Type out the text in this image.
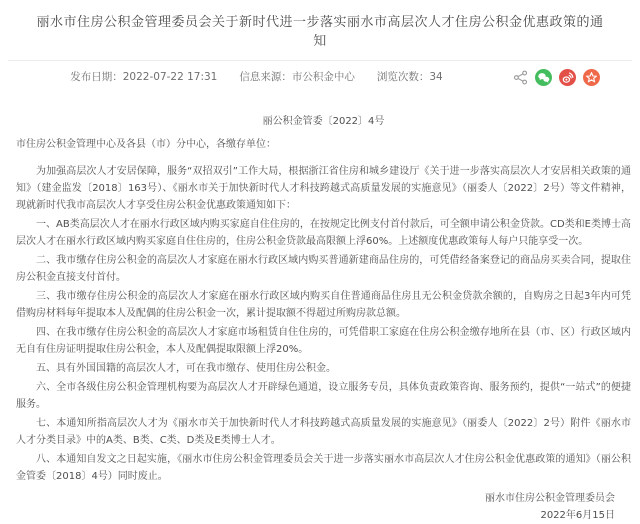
丽水市住房公积金管理委员会关于新时代进一步落实丽水市高层次人才住房公积金优惠政策的通知
发布日期：2022-07-22 17:31 信息来源：市公积金中心 浏览次数：34
丽公积金管委〔2022〕4号
市住房公积金管理中心及各县（市）分中心，各缴存单位：

为加强高层次人才安居保障，服务“双招双引”工作大局，根据浙江省住房和城乡建设厅《关于进一步落实高层次人才安居相关政策的通知》（建金监发〔2018〕163号）、《丽水市关于加快新时代人才科技跨越式高质量发展的实施意见》（丽委人〔2022〕2号）等文件精神，现就新时代我市高层次人才享受住房公积金优惠政策通知如下：

一、AB类高层次人才在丽水行政区域内购买家庭自住住房的，在按规定比例支付首付款后，可全额申请公积金贷款。CD类和E类博士高层次人才在丽水行政区域内购买家庭自住住房的，住房公积金贷款最高限额上浮60%。上述额度优惠政策每人每户只能享受一次。

二、我市缴存住房公积金的高层次人才家庭在丽水行政区域内购买普通新建商品住房的，可凭借经备案登记的商品房买卖合同，提取住房公积金直接支付首付。

三、我市缴存住房公积金的高层次人才家庭在丽水行政区域内购买自住普通商品住房且无公积金贷款余额的，自购房之日起3年内可凭借购房材料每年提取本人及配偶的住房公积金一次，累计提取额不得超过所购房款总额。

四、在我市缴存住房公积金的高层次人才家庭市场租赁自住住房的，可凭借职工家庭在住房公积金缴存地所在县（市、区）行政区域内无自有住房证明提取住房公积金，本人及配偶提取限额上浮20%。

五、具有外国国籍的高层次人才，可在我市缴存、使用住房公积金。

六、全市各级住房公积金管理机构要为高层次人才开辟绿色通道，设立服务专员，具体负责政策咨询、服务预约，提供“一站式”的便捷服务。

七、本通知所指高层次人才为《丽水市关于加快新时代人才科技跨越式高质量发展的实施意见》（丽委人〔2022〕2号）附件《丽水市人才分类目录》中的A类、B类、C类、D类及E类博士人才。

八、本通知自发文之日起实施，《丽水市住房公积金管理委员会关于进一步落实丽水市高层次人才住房公积金优惠政策的通知》（丽公积金管委〔2018〕4号）同时废止。

丽水市住房公积金管理委员会
2022年6月15日
